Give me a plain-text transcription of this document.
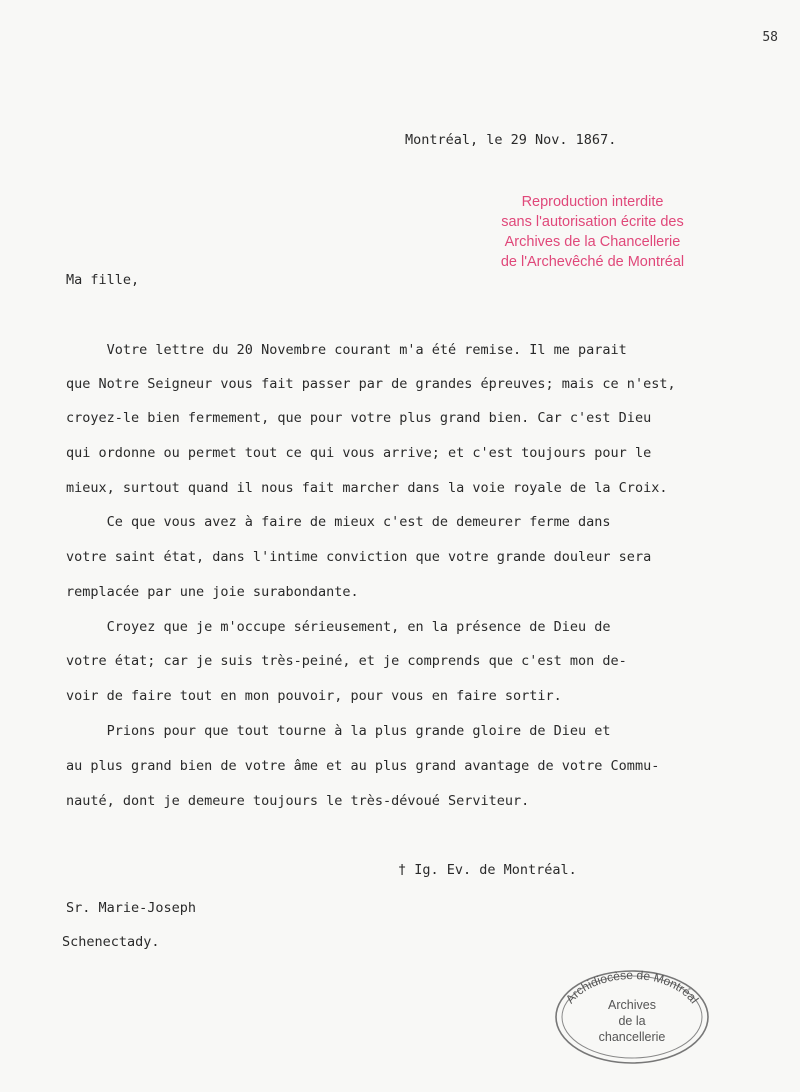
58
Montréal, le 29 Nov. 1867.
Reproduction interdite
sans l'autorisation écrite des
Archives de la Chancellerie
de l'Archevêché de Montréal
Ma fille,
Votre lettre du 20 Novembre courant m'a été remise. Il me parait
que Notre Seigneur vous fait passer par de grandes épreuves; mais ce n'est,
croyez-le bien fermement, que pour votre plus grand bien. Car c'est Dieu
qui ordonne ou permet tout ce qui vous arrive; et c'est toujours pour le
mieux, surtout quand il nous fait marcher dans la voie royale de la Croix.
Ce que vous avez à faire de mieux c'est de demeurer ferme dans
votre saint état, dans l'intime conviction que votre grande douleur sera
remplacée par une joie surabondante.
Croyez que je m'occupe sérieusement, en la présence de Dieu de
votre état; car je suis très-peiné, et je comprends que c'est mon de-
voir de faire tout en mon pouvoir, pour vous en faire sortir.
Prions pour que tout tourne à la plus grande gloire de Dieu et
au plus grand bien de votre âme et au plus grand avantage de votre Commu-
nauté, dont je demeure toujours le très-dévoué Serviteur.
† Ig. Ev. de Montréal.
Sr. Marie-Joseph
Schenectady.
Archidiocèse de Montréal
Archives
de la
chancellerie
